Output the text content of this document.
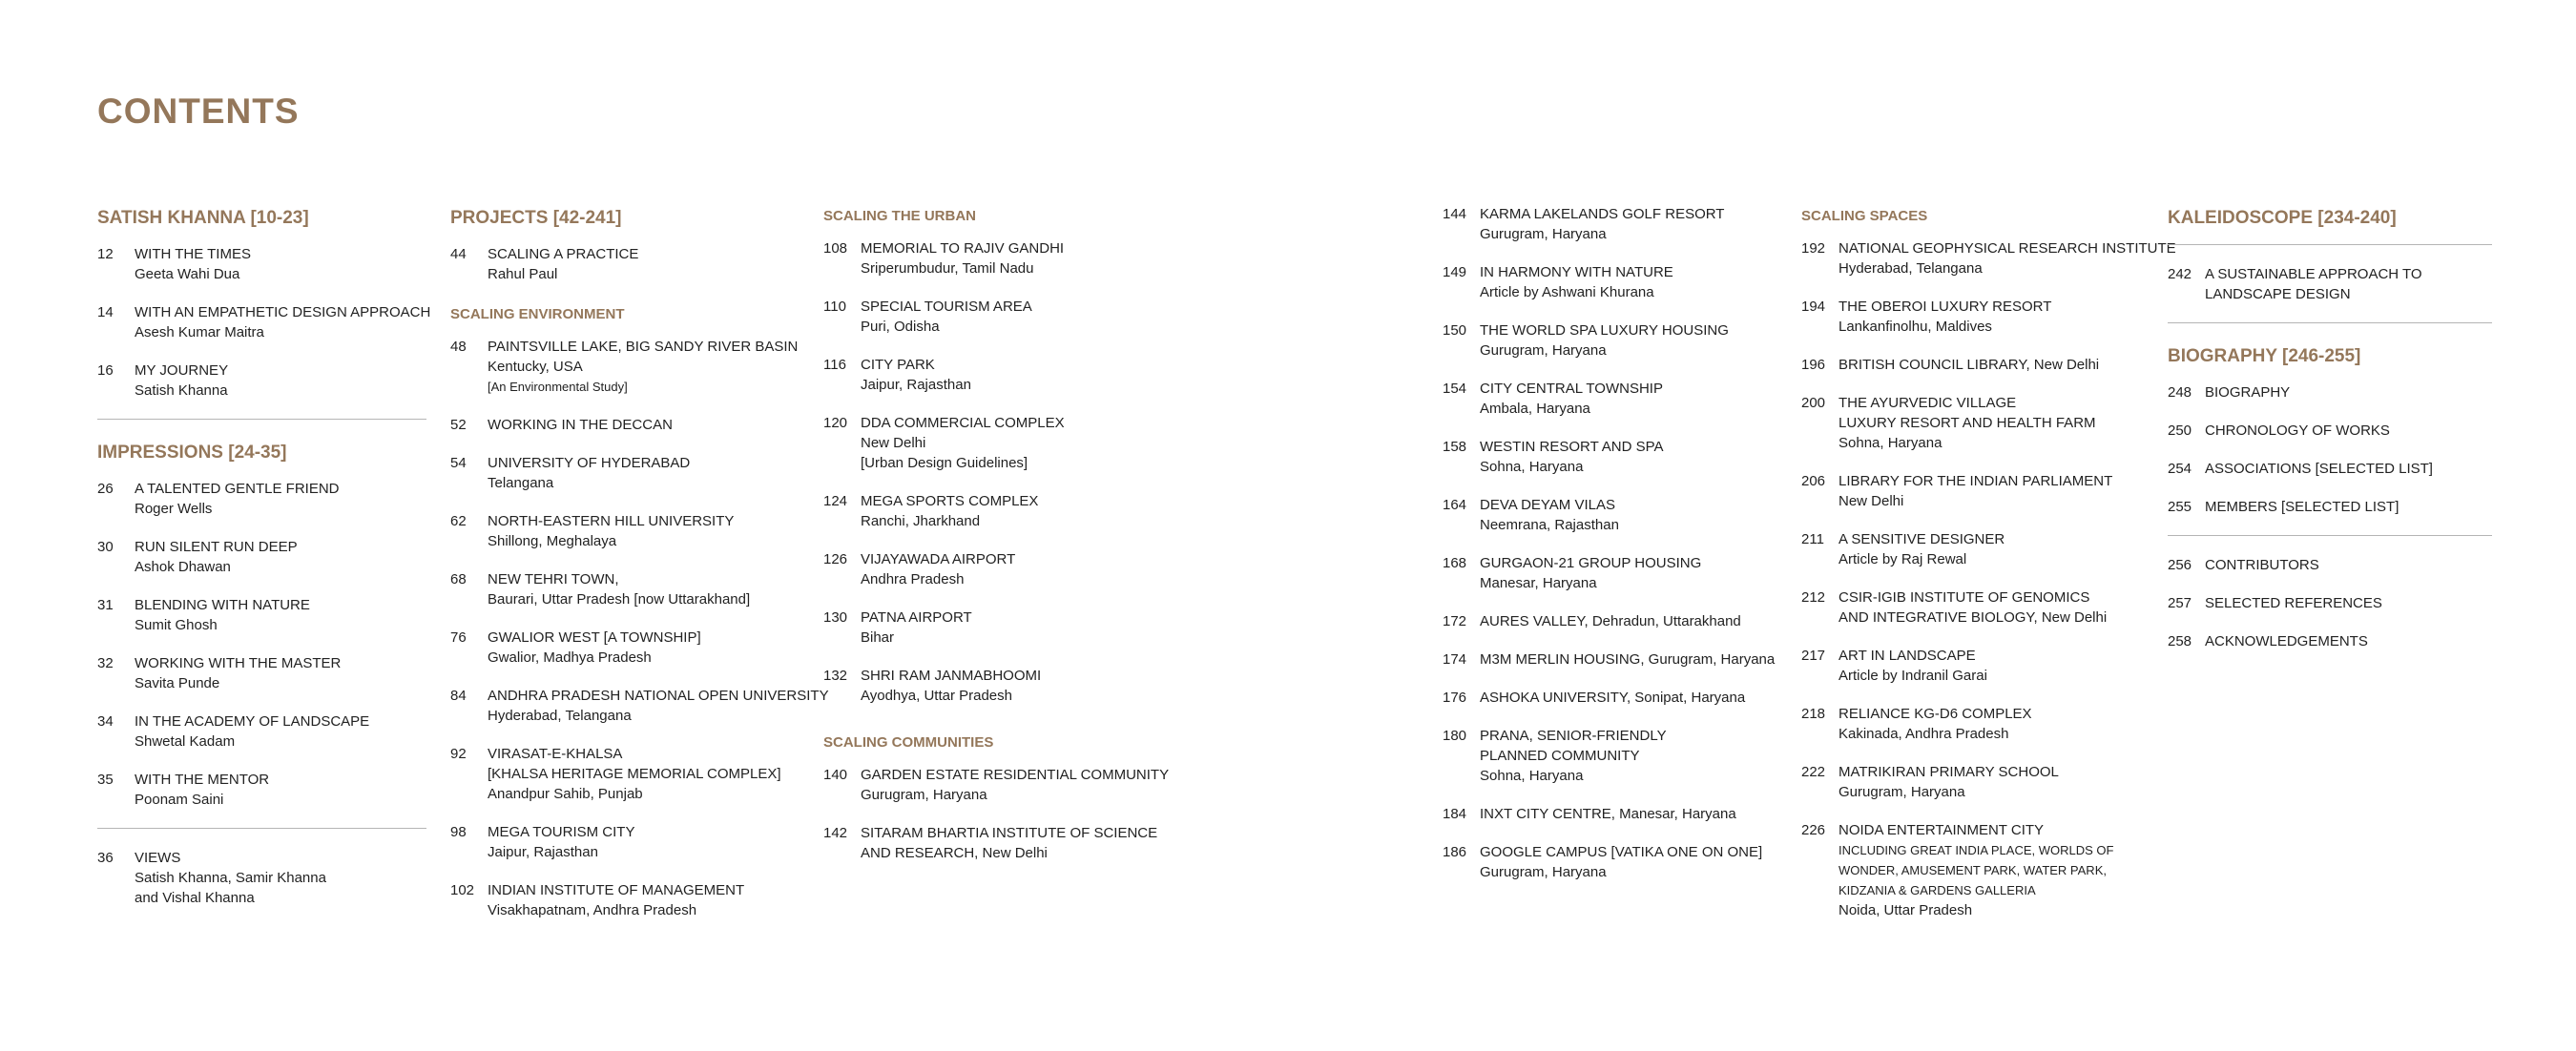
CONTENTS
SATISH KHANNA [10-23]
12	WITH THE TIMES
Geeta Wahi Dua
14	WITH AN EMPATHETIC DESIGN APPROACH
Asesh Kumar Maitra
16	MY JOURNEY
Satish Khanna
IMPRESSIONS [24-35]
26	A TALENTED GENTLE FRIEND
Roger Wells
30	RUN SILENT RUN DEEP
Ashok Dhawan
31	BLENDING WITH NATURE
Sumit Ghosh
32	WORKING WITH THE MASTER
Savita Punde
34	IN THE ACADEMY OF LANDSCAPE
Shwetal Kadam
35	WITH THE MENTOR
Poonam Saini
36	VIEWS
Satish Khanna, Samir Khanna
and Vishal Khanna
PROJECTS [42-241]
44	SCALING A PRACTICE
Rahul Paul
SCALING ENVIRONMENT
48	PAINTSVILLE LAKE, BIG SANDY RIVER BASIN
Kentucky, USA
[An Environmental Study]
52	WORKING IN THE DECCAN
54	UNIVERSITY OF HYDERABAD
Telangana
62	NORTH-EASTERN HILL UNIVERSITY
Shillong, Meghalaya
68	NEW TEHRI TOWN,
Baurari, Uttar Pradesh [now Uttarakhand]
76	GWALIOR WEST [A TOWNSHIP]
Gwalior, Madhya Pradesh
84	ANDHRA PRADESH NATIONAL OPEN UNIVERSITY
Hyderabad, Telangana
92	VIRASAT-E-KHALSA
[KHALSA HERITAGE MEMORIAL COMPLEX]
Anandpur Sahib, Punjab
98	MEGA TOURISM CITY
Jaipur, Rajasthan
102 INDIAN INSTITUTE OF MANAGEMENT
Visakhapatnam, Andhra Pradesh
SCALING THE URBAN
108 MEMORIAL TO RAJIV GANDHI
Sriperumbudur, Tamil Nadu
110	SPECIAL TOURISM AREA
Puri, Odisha
116	CITY PARK
Jaipur, Rajasthan
120 DDA COMMERCIAL COMPLEX
New Delhi
[Urban Design Guidelines]
124 MEGA SPORTS COMPLEX
Ranchi, Jharkhand
126 VIJAYAWADA AIRPORT
Andhra Pradesh
130 PATNA AIRPORT
Bihar
132 SHRI RAM JANMABHOOMI
Ayodhya, Uttar Pradesh
SCALING COMMUNITIES
140 GARDEN ESTATE RESIDENTIAL COMMUNITY
Gurugram, Haryana
142 SITARAM BHARTIA INSTITUTE OF SCIENCE
AND RESEARCH, New Delhi
144 KARMA LAKELANDS GOLF RESORT
Gurugram, Haryana
149 IN HARMONY WITH NATURE
Article by Ashwani Khurana
150 THE WORLD SPA LUXURY HOUSING
Gurugram, Haryana
154 CITY CENTRAL TOWNSHIP
Ambala, Haryana
158 WESTIN RESORT AND SPA
Sohna, Haryana
164 DEVA DEYAM VILAS
Neemrana, Rajasthan
168 GURGAON-21 GROUP HOUSING
Manesar, Haryana
172 AURES VALLEY, Dehradun, Uttarakhand
174 M3M MERLIN HOUSING, Gurugram, Haryana
176 ASHOKA UNIVERSITY, Sonipat, Haryana
180 PRANA, SENIOR-FRIENDLY
PLANNED COMMUNITY
Sohna, Haryana
184 INXT CITY CENTRE, Manesar, Haryana
186 GOOGLE CAMPUS [VATIKA ONE ON ONE]
Gurugram, Haryana
SCALING SPACES
192 NATIONAL GEOPHYSICAL RESEARCH INSTITUTE
Hyderabad, Telangana
194 THE OBEROI LUXURY RESORT
Lankanfinolhu, Maldives
196 BRITISH COUNCIL LIBRARY, New Delhi
200 THE AYURVEDIC VILLAGE
LUXURY RESORT AND HEALTH FARM
Sohna, Haryana
206 LIBRARY FOR THE INDIAN PARLIAMENT
New Delhi
211	A SENSITIVE DESIGNER
Article by Raj Rewal
212 CSIR-IGIB INSTITUTE OF GENOMICS
AND INTEGRATIVE BIOLOGY, New Delhi
217 ART IN LANDSCAPE
Article by Indranil Garai
218 RELIANCE KG-D6 COMPLEX
Kakinada, Andhra Pradesh
222 MATRIKIRAN PRIMARY SCHOOL
Gurugram, Haryana
226 NOIDA ENTERTAINMENT CITY
INCLUDING GREAT INDIA PLACE, WORLDS OF
WONDER, AMUSEMENT PARK, WATER PARK,
KIDZANIA & GARDENS GALLERIA
Noida, Uttar Pradesh
KALEIDOSCOPE [234-240]
242 A SUSTAINABLE APPROACH TO
LANDSCAPE DESIGN
BIOGRAPHY [246-255]
248 BIOGRAPHY
250 CHRONOLOGY OF WORKS
254 ASSOCIATIONS [SELECTED LIST]
255 MEMBERS [SELECTED LIST]
256 CONTRIBUTORS
257 SELECTED REFERENCES
258 ACKNOWLEDGEMENTS
